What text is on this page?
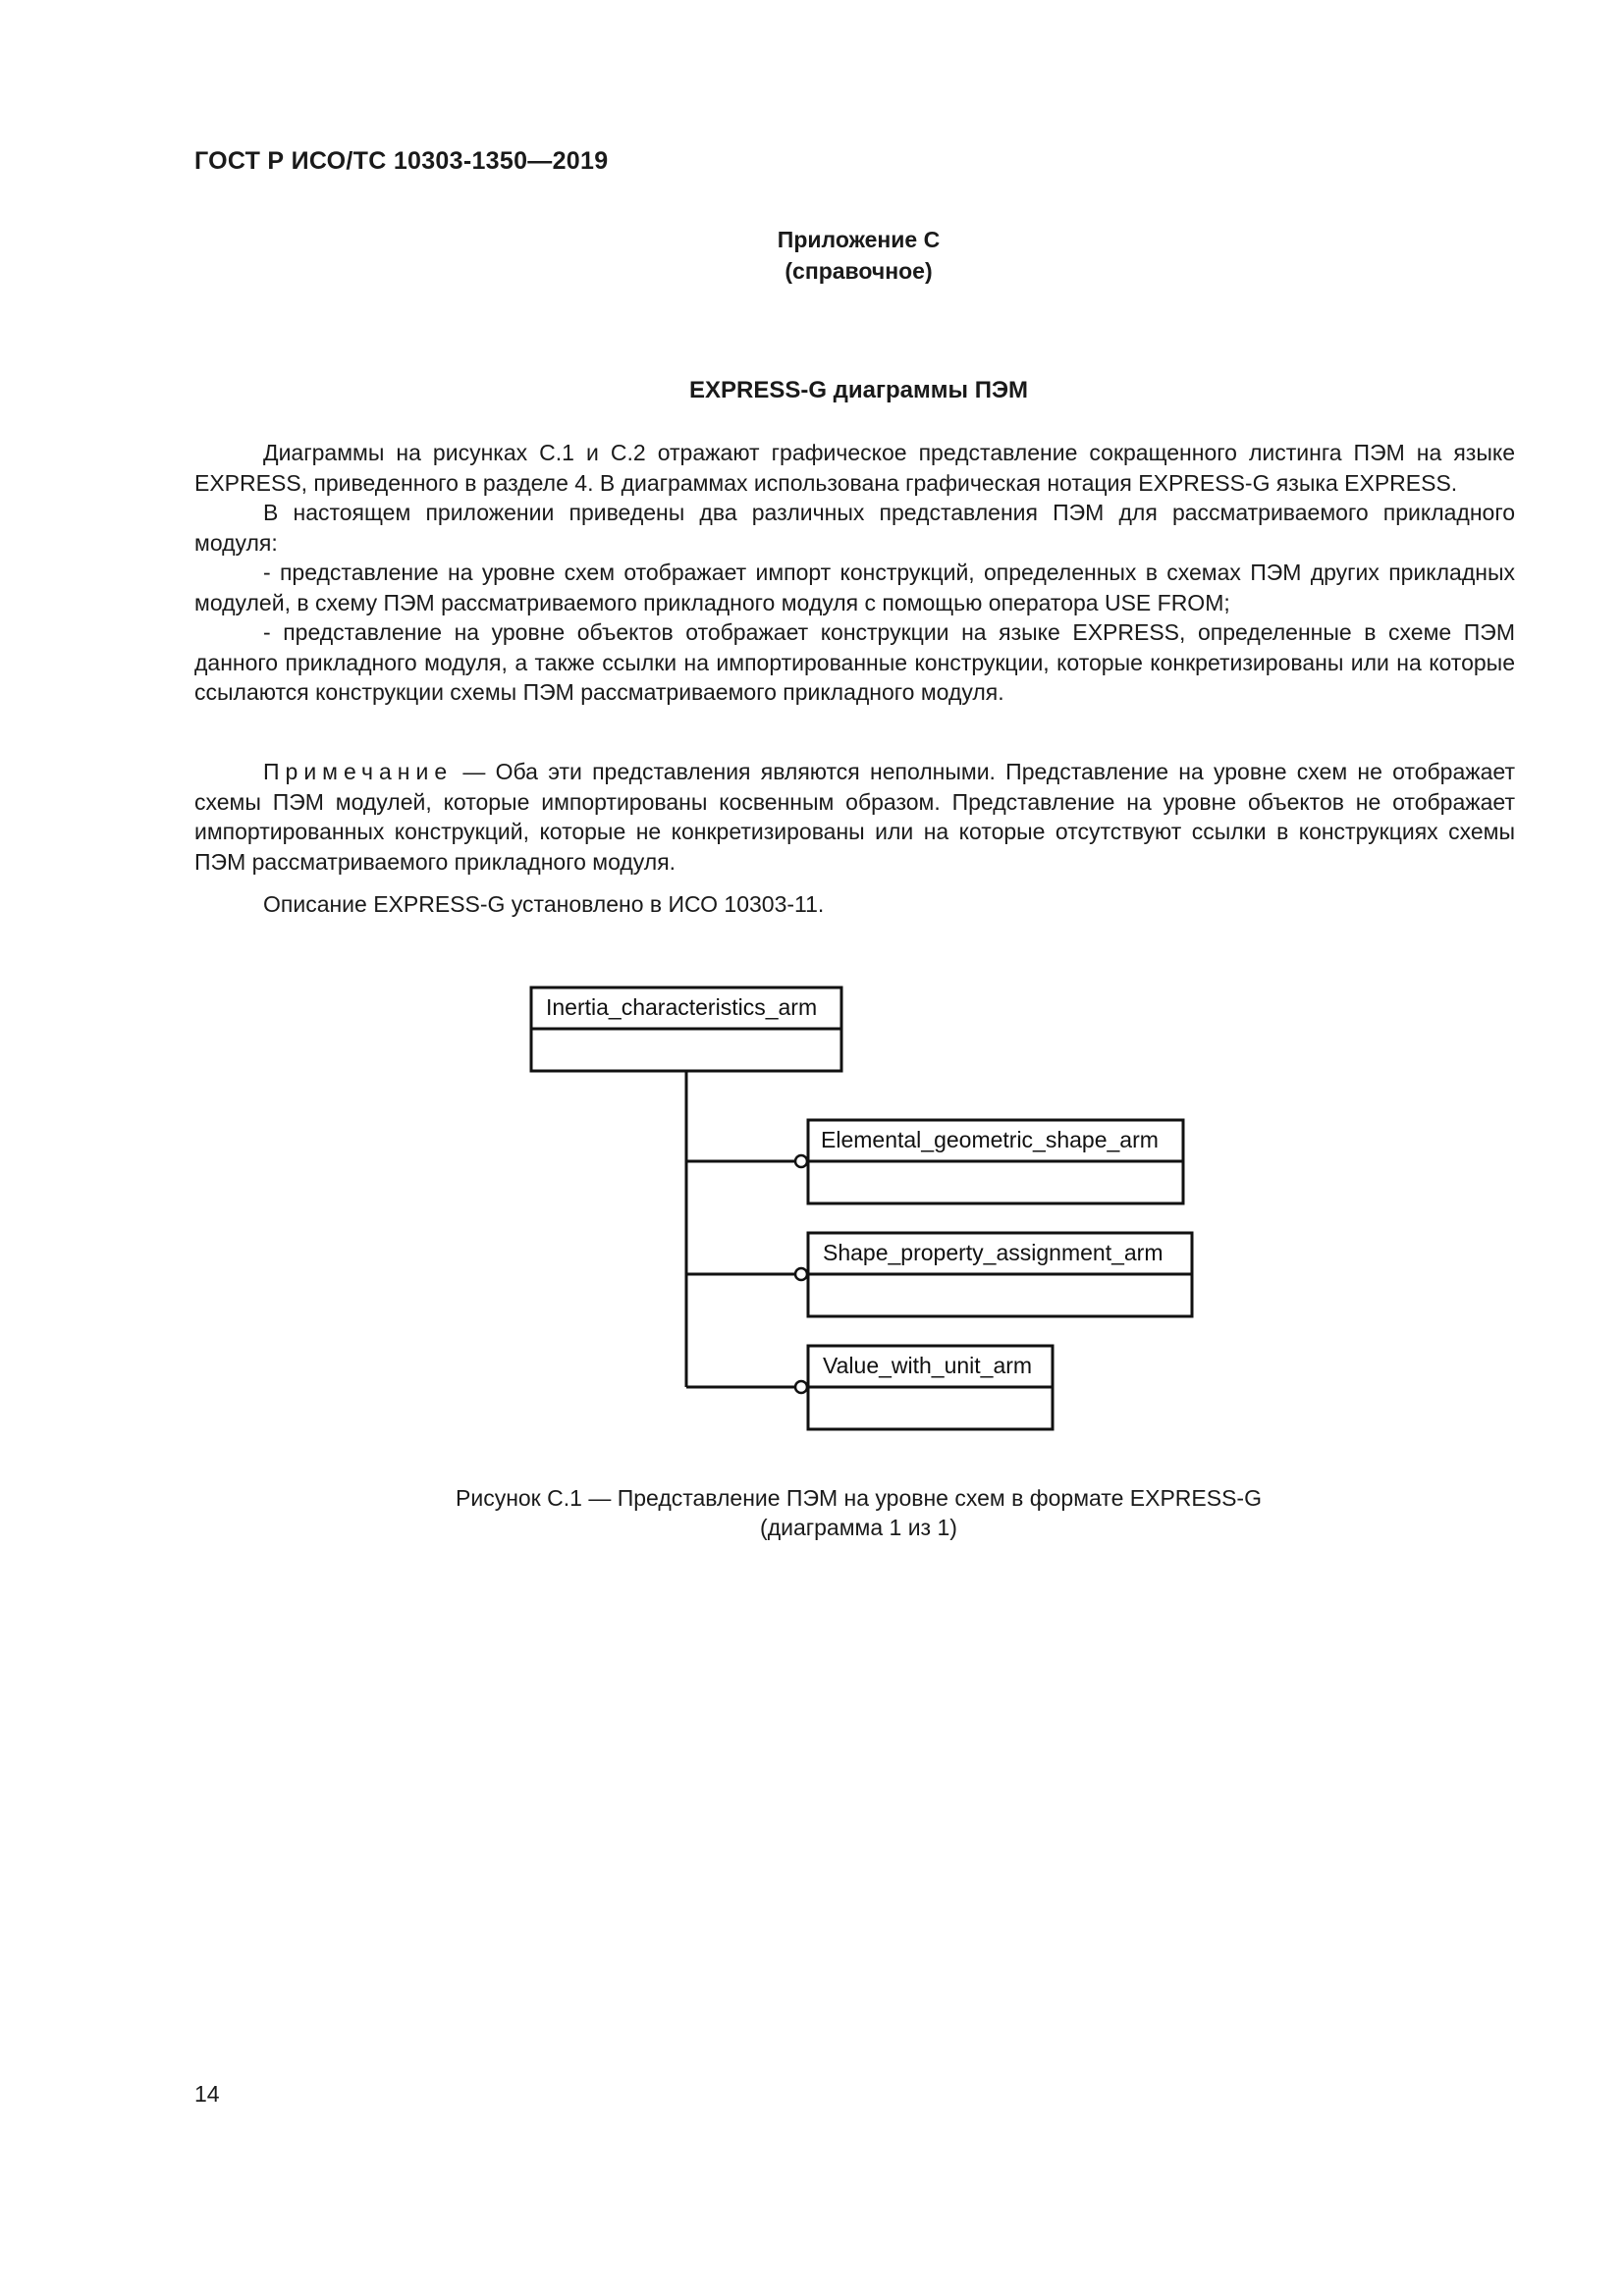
ГОСТ Р ИСО/ТС 10303-1350—2019
Приложение С
(справочное)
EXPRESS-G диаграммы ПЭМ

Диаграммы на рисунках С.1 и С.2 отражают графическое представление сокращенного листинга ПЭМ на языке EXPRESS, приведенного в разделе 4. В диаграммах использована графическая нотация EXPRESS-G языка EXPRESS.

В настоящем приложении приведены два различных представления ПЭМ для рассматриваемого прикладного модуля:

- представление на уровне схем отображает импорт конструкций, определенных в схемах ПЭМ других прикладных модулей, в схему ПЭМ рассматриваемого прикладного модуля с помощью оператора USE FROM;

- представление на уровне объектов отображает конструкции на языке EXPRESS, определенные в схеме ПЭМ данного прикладного модуля, а также ссылки на импортированные конструкции, которые конкретизированы или на которые ссылаются конструкции схемы ПЭМ рассматриваемого прикладного модуля.

Примечание — Оба эти представления являются неполными. Представление на уровне схем не отображает схемы ПЭМ модулей, которые импортированы косвенным образом. Представление на уровне объектов не отображает импортированных конструкций, которые не конкретизированы или на которые отсутствуют ссылки в конструкциях схемы ПЭМ рассматриваемого прикладного модуля.

Описание EXPRESS-G установлено в ИСО 10303-11.

Inertia_characteristics_arm
Elemental_geometric_shape_arm
Shape_property_assignment_arm
Value_with_unit_arm
Рисунок С.1 — Представление ПЭМ на уровне схем в формате EXPRESS-G
(диаграмма 1 из 1)
14
